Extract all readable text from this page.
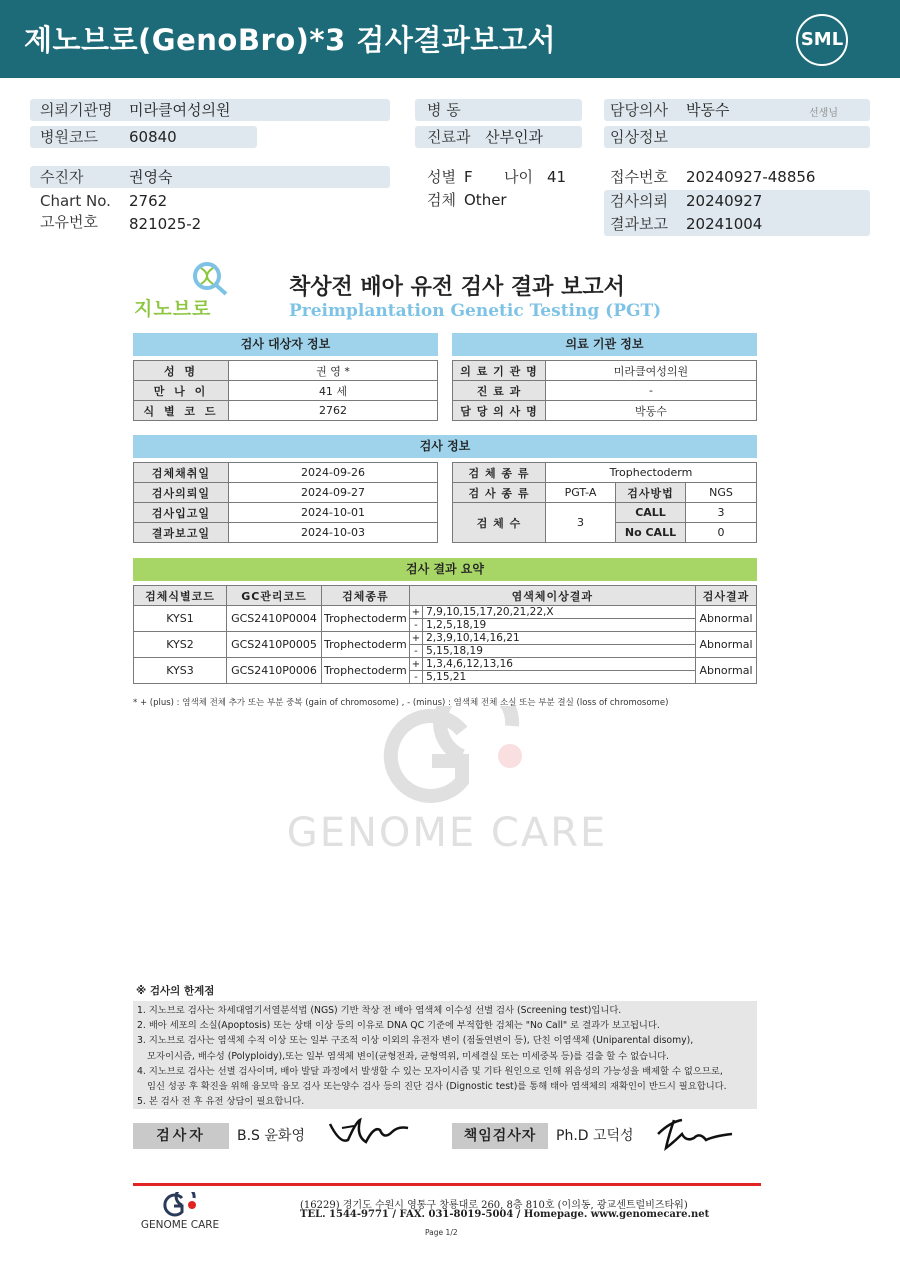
제노브로(GenoBro)*3 검사결과보고서	SML
의뢰기관명 미라클여성의원
병원코드 60840
병 동
진료과 산부인과
담당의사 박동수	선생님
임상정보
수진자	권영숙
Chart No. 2762
고유번호 821025-2
성별 F 나이 41
검체 Other
접수번호 20240927-48856
검사의뢰 20240927
결과보고 20241004
지노브로
착상전 배아 유전 검사 결과 보고서
Preimplantation Genetic Testing (PGT)
검사 대상자 정보
성 명	권 영 *
만 나 이	41 세
식 별 코 드	2762
의료 기관 정보
의 료 기 관 명	미라클여성의원
진 료 과	-
담 당 의 사 명	박동수
검사 정보
검체채취일	2024-09-26
검사의뢰일	2024-09-27
검사입고일	2024-10-01
결과보고일	2024-10-03
검 체 종 류	Trophectoderm		
검 사 종 류	PGT-A	검사방법	NGS
검 체 수	3	CALL	3
		No CALL	0
검사 결과 요약
검체식별코드	GC관리코드	검체종류	염색체이상결과		검사결과
KYS1	GCS2410P0004	Trophectoderm	+	7,9,10,15,17,20,21,22,X	Abnormal
			-	1,2,5,18,19	
KYS2	GCS2410P0005	Trophectoderm	+	2,3,9,10,14,16,21	Abnormal
			-	5,15,18,19	
KYS3	GCS2410P0006	Trophectoderm	+	1,3,4,6,12,13,16	Abnormal
			-	5,15,21	
* + (plus) : 염색체 전체 추가 또는 부분 중복 (gain of chromosome) , - (minus) : 염색체 전체 소실 또는 부분 결실 (loss of chromosome)
GENOME CARE
※ 검사의 한계점
1. 지노브로 검사는 차세대염기서열분석법 (NGS) 기반 착상 전 배아 염색체 이수성 선별 검사 (Screening test)입니다.
2. 배아 세포의 소실(Apoptosis) 또는 상태 이상 등의 이유로 DNA QC 기준에 부적합한 검체는 "No Call" 로 결과가 보고됩니다.
3. 지노브로 검사는 염색체 수적 이상 또는 일부 구조적 이상 이외의 유전자 변이 (점돌연변이 등), 단친 이염색체 (Uniparental disomy),
모자이시즘, 배수성 (Polyploidy),또는 일부 염색체 변이(균형전좌, 균형역위, 미세결실 또는 미세중복 등)를 검출 할 수 없습니다.
4. 지노브로 검사는 선별 검사이며, 배아 발달 과정에서 발생할 수 있는 모자이시즘 및 기타 원인으로 인해 위음성의 가능성을 배제할 수 없으므로,
임신 성공 후 확진을 위해 융모막 융모 검사 또는양수 검사 등의 진단 검사 (Dignostic test)를 통해 태아 염색체의 재확인이 반드시 필요합니다.
5. 본 검사 전 후 유전 상담이 필요합니다.
검사자	B.S 윤화영	책임검사자	Ph.D 고덕성
GENOME CARE
(16229) 경기도 수원시 영통구 창룡대로 260, 8층 810호 (이의동, 광교센트럴비즈타워)
TEL. 1544-9771 / FAX. 031-8019-5004 / Homepage. www.genomecare.net
Page 1/2
